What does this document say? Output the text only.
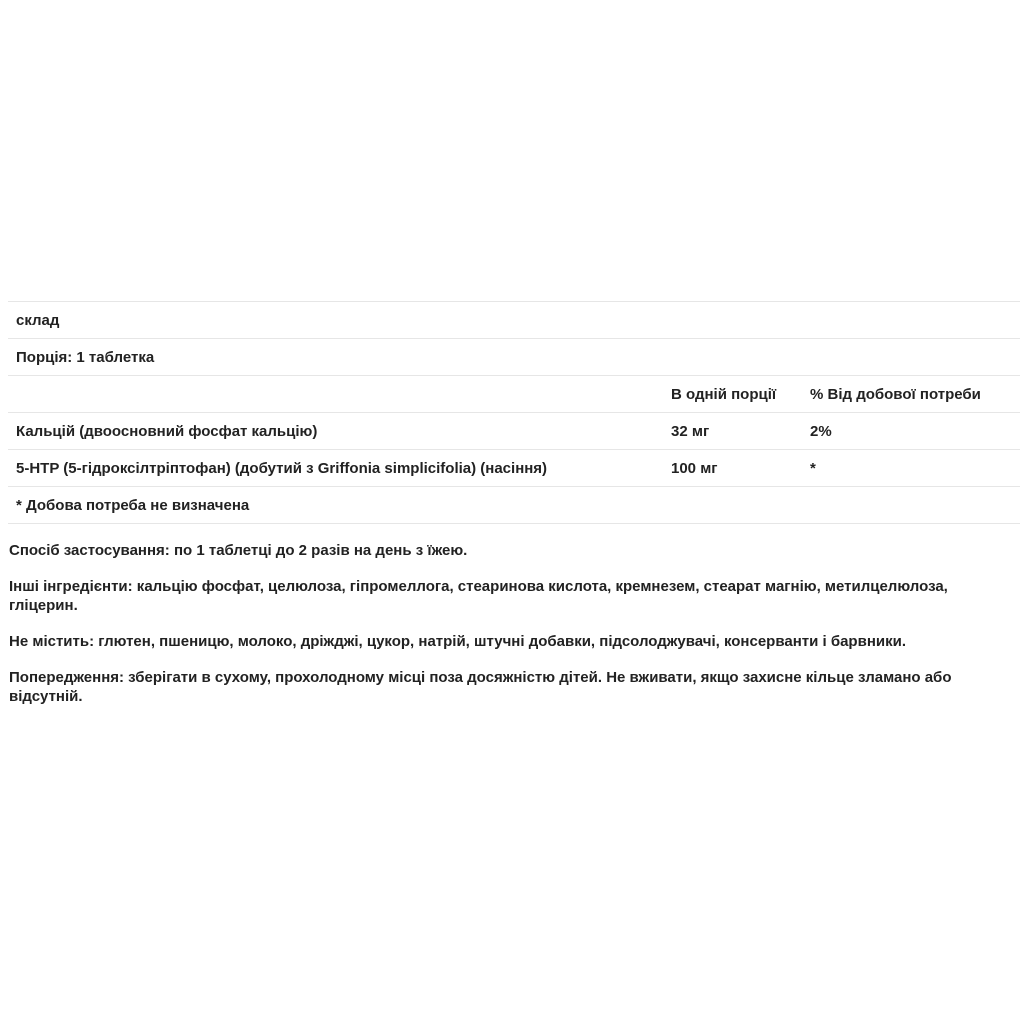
склад		
Порція: 1 таблетка		
	В одній порції	% Від добової потреби
Кальцій (двоосновний фосфат кальцію)	32 мг	2%
5-HTP (5-гідроксілтріптофан) (добутий з Griffonia simplicifolia) (насіння)	100 мг	*
* Добова потреба не визначена		

Спосіб застосування: по 1 таблетці до 2 разів на день з їжею.

Інші інгредієнти: кальцію фосфат, целюлоза, гіпромеллога, стеаринова кислота, кремнезем, стеарат магнію, метилцелюлоза, гліцерин.

Не містить: глютен, пшеницю, молоко, дріжджі, цукор, натрій, штучні добавки, підсолоджувачі, консерванти і барвники.

Попередження: зберігати в сухому, прохолодному місці поза досяжністю дітей. Не вживати, якщо захисне кільце зламано або відсутній.
